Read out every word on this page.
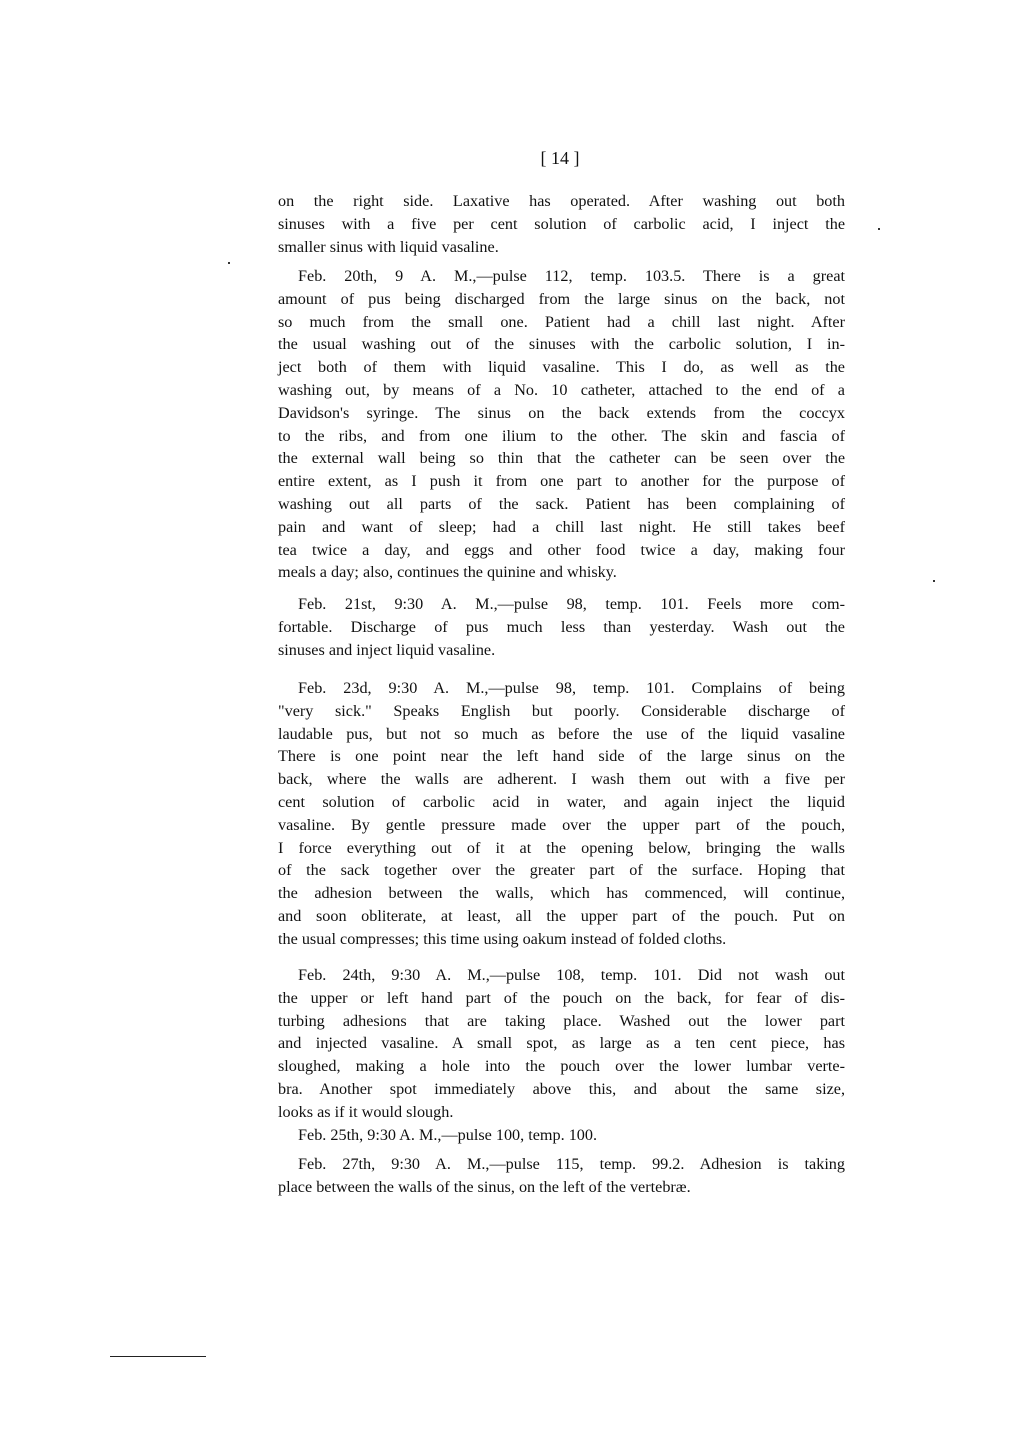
[ 14 ]
on the right side. Laxative has operated. After washing out both
sinuses with a five per cent solution of carbolic acid, I inject the
smaller sinus with liquid vasaline.
Feb. 20th, 9 A. M.,—pulse 112, temp. 103.5. There is a great
amount of pus being discharged from the large sinus on the back, not
so much from the small one. Patient had a chill last night. After
the usual washing out of the sinuses with the carbolic solution, I in-
ject both of them with liquid vasaline. This I do, as well as the
washing out, by means of a No. 10 catheter, attached to the end of a
Davidson's syringe. The sinus on the back extends from the coccyx
to the ribs, and from one ilium to the other. The skin and fascia of
the external wall being so thin that the catheter can be seen over the
entire extent, as I push it from one part to another for the purpose of
washing out all parts of the sack. Patient has been complaining of
pain and want of sleep; had a chill last night. He still takes beef
tea twice a day, and eggs and other food twice a day, making four
meals a day; also, continues the quinine and whisky.
Feb. 21st, 9:30 A. M.,—pulse 98, temp. 101. Feels more com-
fortable. Discharge of pus much less than yesterday. Wash out the
sinuses and inject liquid vasaline.
Feb. 23d, 9:30 A. M.,—pulse 98, temp. 101. Complains of being
"very sick." Speaks English but poorly. Considerable discharge of
laudable pus, but not so much as before the use of the liquid vasaline
There is one point near the left hand side of the large sinus on the
back, where the walls are adherent. I wash them out with a five per
cent solution of carbolic acid in water, and again inject the liquid
vasaline. By gentle pressure made over the upper part of the pouch,
I force everything out of it at the opening below, bringing the walls
of the sack together over the greater part of the surface. Hoping that
the adhesion between the walls, which has commenced, will continue,
and soon obliterate, at least, all the upper part of the pouch. Put on
the usual compresses; this time using oakum instead of folded cloths.
Feb. 24th, 9:30 A. M.,—pulse 108, temp. 101. Did not wash out
the upper or left hand part of the pouch on the back, for fear of dis-
turbing adhesions that are taking place. Washed out the lower part
and injected vasaline. A small spot, as large as a ten cent piece, has
sloughed, making a hole into the pouch over the lower lumbar verte-
bra. Another spot immediately above this, and about the same size,
looks as if it would slough.
Feb. 25th, 9:30 A. M.,—pulse 100, temp. 100.
Feb. 27th, 9:30 A. M.,—pulse 115, temp. 99.2. Adhesion is taking
place between the walls of the sinus, on the left of the vertebræ.
